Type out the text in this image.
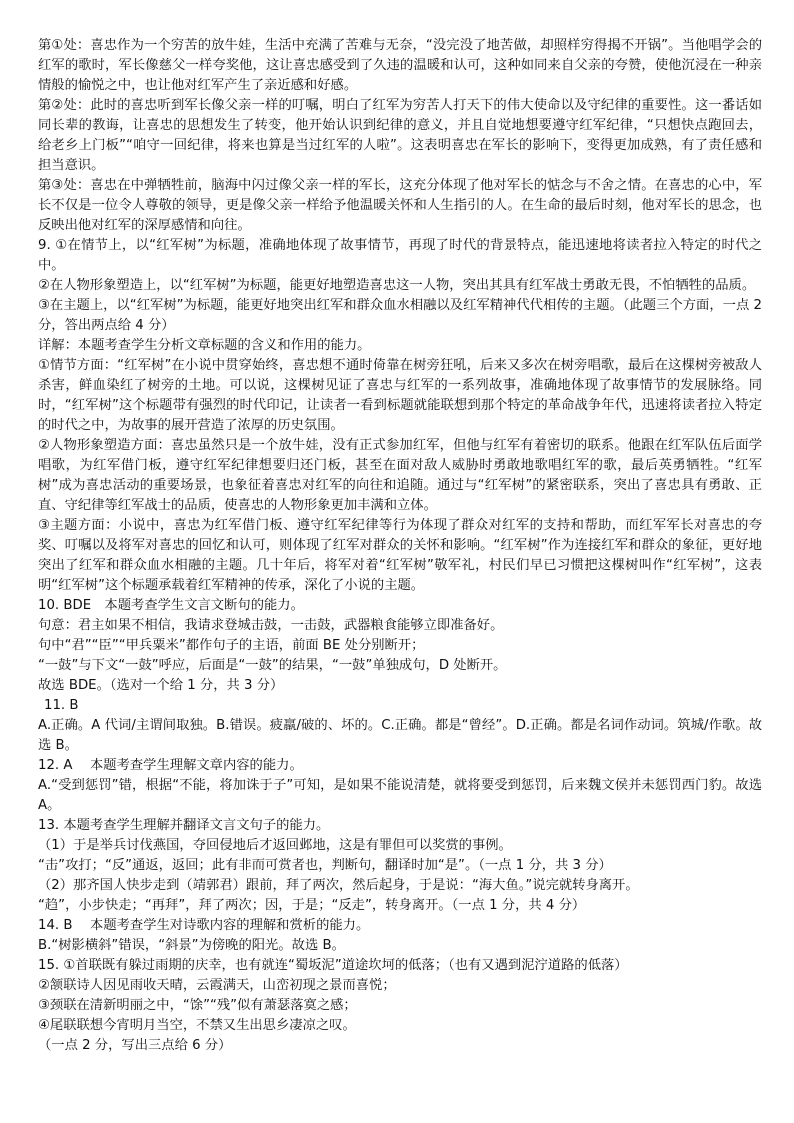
第①处：喜忠作为一个穷苦的放牛娃，生活中充满了苦难与无奈，“没完没了地苦做，却照样穷得揭不开锅”。当他唱学会的红军的歌时，军长像慈父一样夸奖他，这让喜忠感受到了久违的温暖和认可，这种如同来自父亲的夸赞，使他沉浸在一种亲情般的愉悦之中，也让他对红军产生了亲近感和好感。

第②处：此时的喜忠听到军长像父亲一样的叮嘱，明白了红军为穷苦人打天下的伟大使命以及守纪律的重要性。这一番话如同长辈的教诲，让喜忠的思想发生了转变，他开始认识到纪律的意义，并且自觉地想要遵守红军纪律，“只想快点跑回去，给老乡上门板”“咱守一回纪律，将来也算是当过红军的人啦”。这表明喜忠在军长的影响下，变得更加成熟，有了责任感和担当意识。

第③处：喜忠在中弹牺牲前，脑海中闪过像父亲一样的军长，这充分体现了他对军长的惦念与不舍之情。在喜忠的心中，军长不仅是一位令人尊敬的领导，更是像父亲一样给予他温暖关怀和人生指引的人。在生命的最后时刻，他对军长的思念，也反映出他对红军的深厚感情和向往。

9. ①在情节上，以“红军树”为标题，准确地体现了故事情节，再现了时代的背景特点，能迅速地将读者拉入特定的时代之中。

②在人物形象塑造上，以“红军树”为标题，能更好地塑造喜忠这一人物，突出其具有红军战士勇敢无畏，不怕牺牲的品质。

③在主题上，以“红军树”为标题，能更好地突出红军和群众血水相融以及红军精神代代相传的主题。（此题三个方面，一点 2 分，答出两点给 4 分）

详解：本题考查学生分析文章标题的含义和作用的能力。

①情节方面：“红军树”在小说中贯穿始终，喜忠想不通时倚靠在树旁狂吼，后来又多次在树旁唱歌，最后在这棵树旁被敌人杀害，鲜血染红了树旁的土地。可以说，这棵树见证了喜忠与红军的一系列故事，准确地体现了故事情节的发展脉络。同时，“红军树”这个标题带有强烈的时代印记，让读者一看到标题就能联想到那个特定的革命战争年代，迅速将读者拉入特定的时代之中，为故事的展开营造了浓厚的历史氛围。

②人物形象塑造方面：喜忠虽然只是一个放牛娃，没有正式参加红军，但他与红军有着密切的联系。他跟在红军队伍后面学唱歌，为红军借门板，遵守红军纪律想要归还门板，甚至在面对敌人威胁时勇敢地歌唱红军的歌，最后英勇牺牲。“红军树”成为喜忠活动的重要场景，也象征着喜忠对红军的向往和追随。通过与“红军树”的紧密联系，突出了喜忠具有勇敢、正直、守纪律等红军战士的品质，使喜忠的人物形象更加丰满和立体。

③主题方面：小说中，喜忠为红军借门板、遵守红军纪律等行为体现了群众对红军的支持和帮助，而红军军长对喜忠的夸奖、叮嘱以及将军对喜忠的回忆和认可，则体现了红军对群众的关怀和影响。“红军树”作为连接红军和群众的象征，更好地突出了红军和群众血水相融的主题。几十年后，将军对着“红军树”敬军礼，村民们早已习惯把这棵树叫作“红军树”，这表明“红军树”这个标题承载着红军精神的传承，深化了小说的主题。

10. BDE　本题考查学生文言文断句的能力。

句意：君主如果不相信，我请求登城击鼓，一击鼓，武器粮食能够立即准备好。

句中“君”“臣”“甲兵粟米”都作句子的主语，前面 BE 处分别断开；

“一鼓”与下文“一鼓”呼应，后面是“一鼓”的结果，“一鼓”单独成句，D 处断开。

故选 BDE。（选对一个给 1 分，共 3 分）

11. B

A.正确。A 代词/主谓间取独。B.错误。疲羸/破的、坏的。C.正确。都是“曾经”。D.正确。都是名词作动词。筑城/作歌。故选 B。

12. A　 本题考查学生理解文章内容的能力。

A.“受到惩罚”错，根据“不能，将加诛于子”可知，是如果不能说清楚，就将要受到惩罚，后来魏文侯并未惩罚西门豹。故选 A。

13. 本题考查学生理解并翻译文言文句子的能力。

（1）于是举兵讨伐燕国，夺回侵地后才返回邺地，这是有罪但可以奖赏的事例。

“击”攻打；“反”通返，返回；此有非而可赏者也，判断句，翻译时加“是”。（一点 1 分，共 3 分）

（2）那齐国人快步走到（靖郭君）跟前，拜了两次，然后起身，于是说：“海大鱼。”说完就转身离开。

“趋”，小步快走；“再拜”，拜了两次；因，于是；“反走”，转身离开。（一点 1 分，共 4 分）

14. B　 本题考查学生对诗歌内容的理解和赏析的能力。

B.“树影横斜”错误，“斜景”为傍晚的阳光。故选 B。

15. ①首联既有躲过雨期的庆幸，也有就连“蜀坂泥”道途坎坷的低落；（也有又遇到泥泞道路的低落）

②颔联诗人因见雨收天晴，云霞满天，山峦初现之景而喜悦；

③颈联在清新明丽之中，“馀”“残”似有萧瑟落寞之感；

④尾联联想今宵明月当空，不禁又生出思乡凄凉之叹。

（一点 2 分，写出三点给 6 分）
